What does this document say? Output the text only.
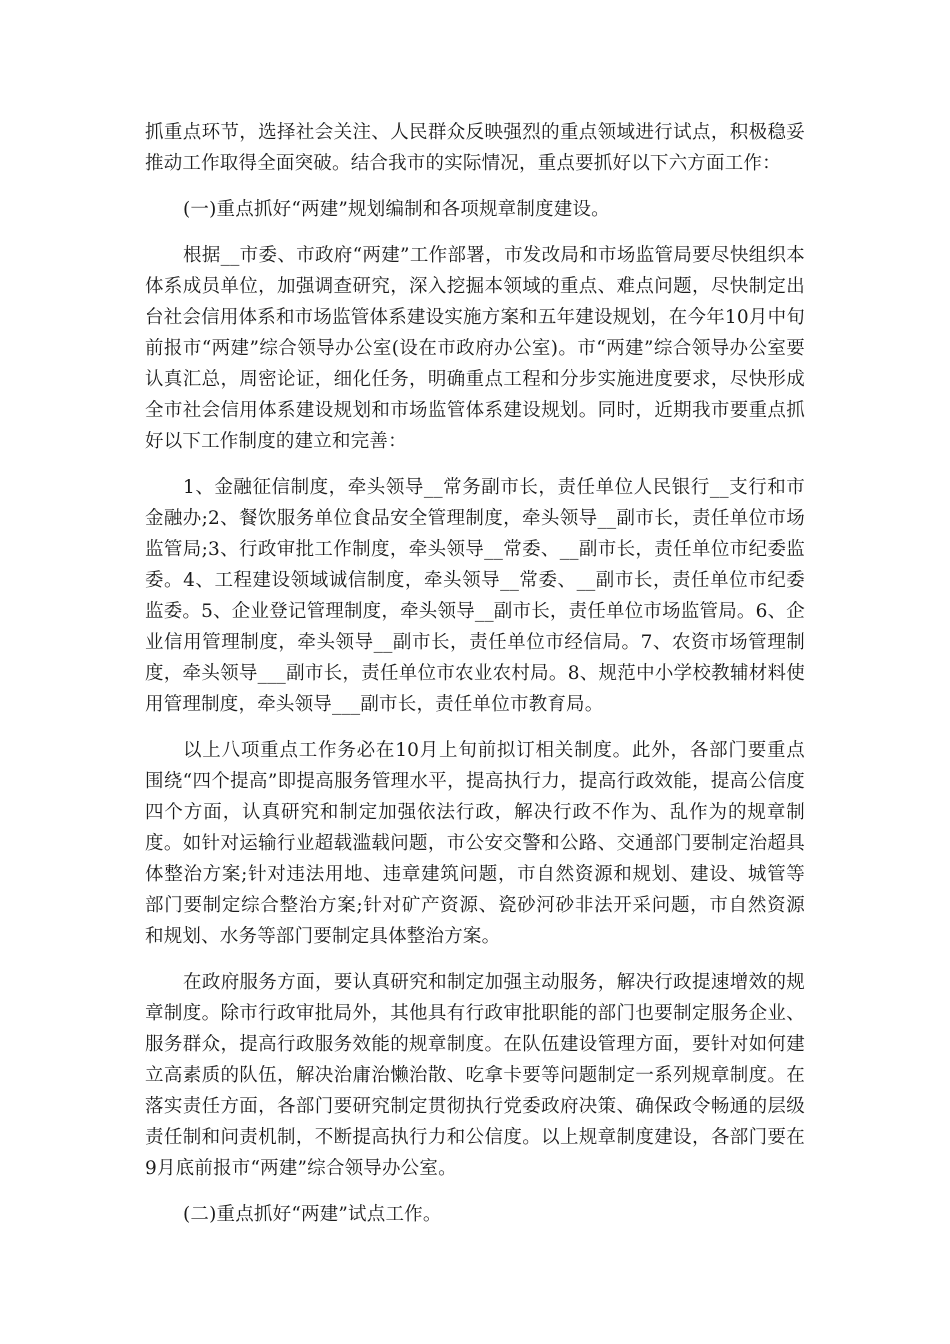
抓重点环节，选择社会关注、人民群众反映强烈的重点领域进行试点，积极稳妥推动工作取得全面突破。结合我市的实际情况，重点要抓好以下六方面工作：

(一)重点抓好“两建”规划编制和各项规章制度建设。

根据__市委、市政府“两建”工作部署，市发改局和市场监管局要尽快组织本体系成员单位，加强调查研究，深入挖掘本领域的重点、难点问题，尽快制定出台社会信用体系和市场监管体系建设实施方案和五年建设规划，在今年10月中旬前报市“两建”综合领导办公室(设在市政府办公室)。市“两建”综合领导办公室要认真汇总，周密论证，细化任务，明确重点工程和分步实施进度要求，尽快形成全市社会信用体系建设规划和市场监管体系建设规划。同时，近期我市要重点抓好以下工作制度的建立和完善：

1、金融征信制度，牵头领导__常务副市长，责任单位人民银行__支行和市金融办;2、餐饮服务单位食品安全管理制度，牵头领导__副市长，责任单位市场监管局;3、行政审批工作制度，牵头领导__常委、__副市长，责任单位市纪委监委。4、工程建设领域诚信制度，牵头领导__常委、__副市长，责任单位市纪委监委。5、企业登记管理制度，牵头领导__副市长，责任单位市场监管局。6、企业信用管理制度，牵头领导__副市长，责任单位市经信局。7、农资市场管理制度，牵头领导___副市长，责任单位市农业农村局。8、规范中小学校教辅材料使用管理制度，牵头领导___副市长，责任单位市教育局。

以上八项重点工作务必在10月上旬前拟订相关制度。此外，各部门要重点围绕“四个提高”即提高服务管理水平，提高执行力，提高行政效能，提高公信度四个方面，认真研究和制定加强依法行政，解决行政不作为、乱作为的规章制度。如针对运输行业超载滥载问题，市公安交警和公路、交通部门要制定治超具体整治方案;针对违法用地、违章建筑问题，市自然资源和规划、建设、城管等部门要制定综合整治方案;针对矿产资源、瓷砂河砂非法开采问题，市自然资源和规划、水务等部门要制定具体整治方案。

在政府服务方面，要认真研究和制定加强主动服务，解决行政提速增效的规章制度。除市行政审批局外，其他具有行政审批职能的部门也要制定服务企业、服务群众，提高行政服务效能的规章制度。在队伍建设管理方面，要针对如何建立高素质的队伍，解决治庸治懒治散、吃拿卡要等问题制定一系列规章制度。在落实责任方面，各部门要研究制定贯彻执行党委政府决策、确保政令畅通的层级责任制和问责机制，不断提高执行力和公信度。以上规章制度建设，各部门要在9月底前报市“两建”综合领导办公室。

(二)重点抓好“两建”试点工作。
